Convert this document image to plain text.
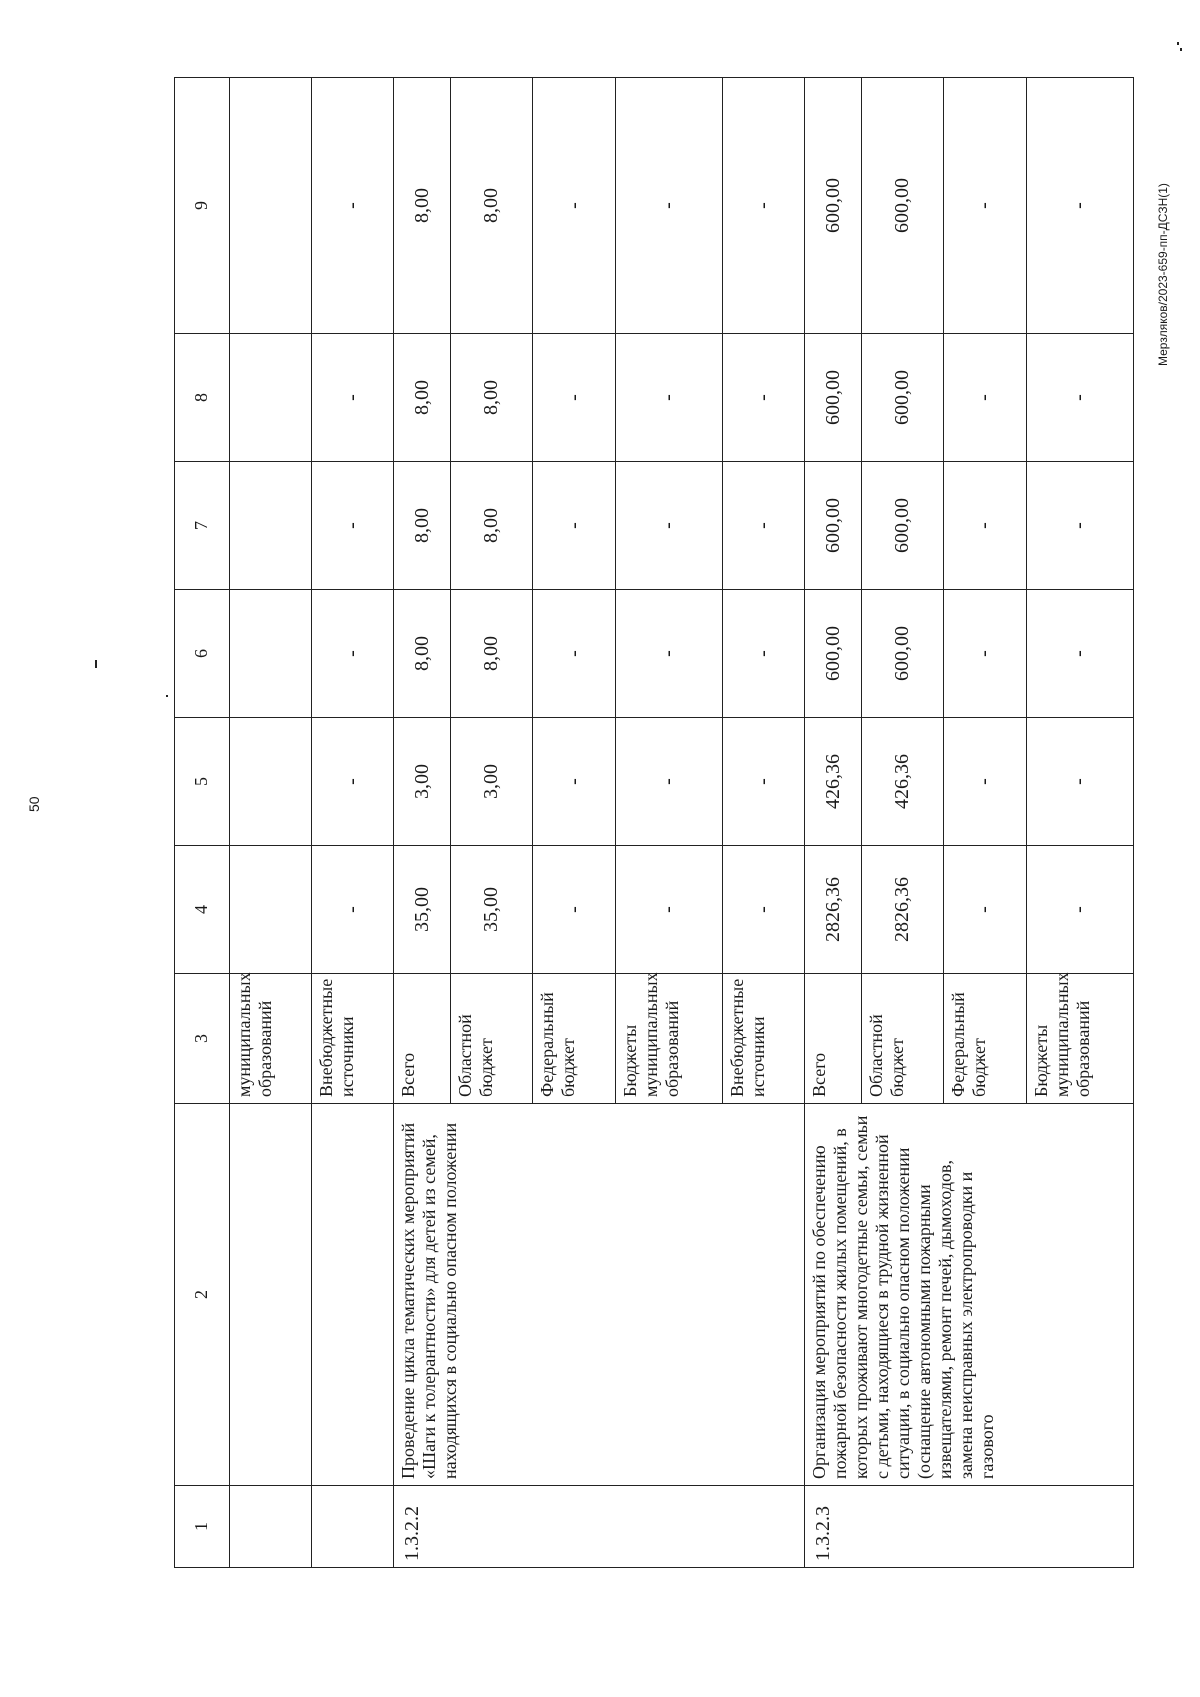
50
Мерзляков/2023-659-пп-ДСЗН(1)
1	2	3	4	5	6	7	8	9
		муниципальных образований						
		Внебюджетные источники	-	-	-	-	-	-
1.3.2.2	Проведение цикла тематических мероприятий «Шаги к толерантности» для детей из семей, находящихся в социально опасном положении	Всего	35,00	3,00	8,00	8,00	8,00	8,00
		Областной бюджет	35,00	3,00	8,00	8,00	8,00	8,00
		Федеральный бюджет	-	-	-	-	-	-
		Бюджеты муниципальных образований	-	-	-	-	-	-
		Внебюджетные источники	-	-	-	-	-	-
1.3.2.3	Организация мероприятий по обеспечению пожарной безопасности жилых помещений, в которых проживают многодетные семьи, семьи с детьми, находящиеся в трудной жизненной ситуации, в социально опасном положении (оснащение автономными пожарными извещателями, ремонт печей, дымоходов, замена неисправных электропроводки и газового	Всего	2826,36	426,36	600,00	600,00	600,00	600,00
		Областной бюджет	2826,36	426,36	600,00	600,00	600,00	600,00
		Федеральный бюджет	-	-	-	-	-	-
		Бюджеты муниципальных образований	-	-	-	-	-	-
